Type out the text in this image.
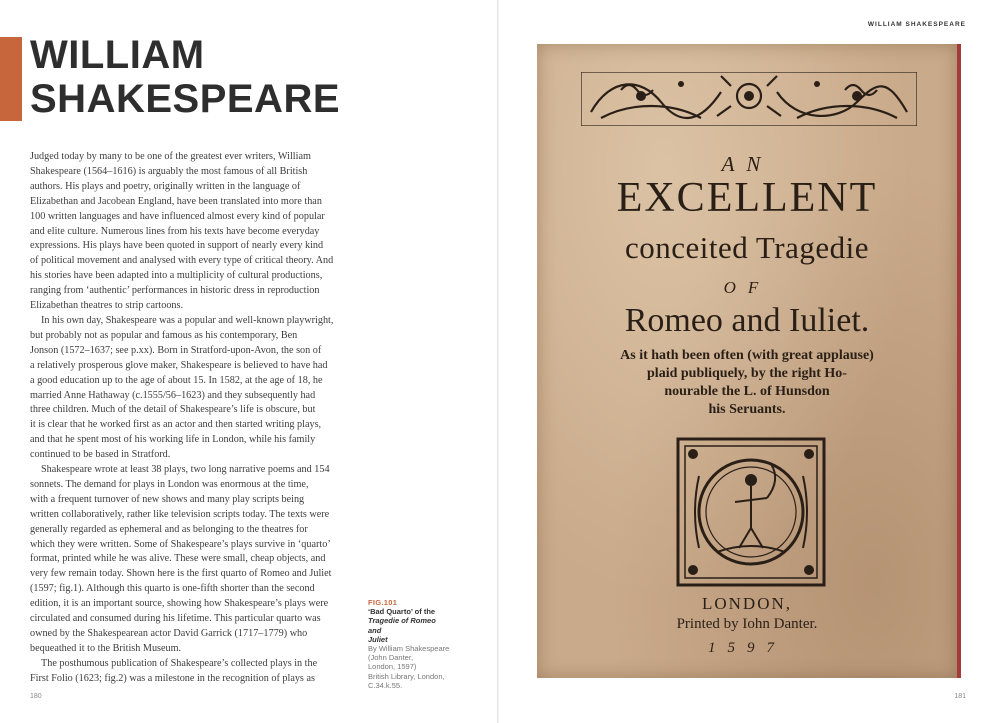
WILLIAM
SHAKESPEARE
Judged today by many to be one of the greatest ever writers, William
Shakespeare (1564–1616) is arguably the most famous of all British
authors. His plays and poetry, originally written in the language of
Elizabethan and Jacobean England, have been translated into more than
100 written languages and have influenced almost every kind of popular
and elite culture. Numerous lines from his texts have become everyday
expressions. His plays have been quoted in support of nearly every kind
of political movement and analysed with every type of critical theory. And
his stories have been adapted into a multiplicity of cultural productions,
ranging from ‘authentic’ performances in historic dress in reproduction
Elizabethan theatres to strip cartoons.
In his own day, Shakespeare was a popular and well-known playwright,
but probably not as popular and famous as his contemporary, Ben
Jonson (1572–1637; see p.xx). Born in Stratford-upon-Avon, the son of
a relatively prosperous glove maker, Shakespeare is believed to have had
a good education up to the age of about 15. In 1582, at the age of 18, he
married Anne Hathaway (c.1555/56–1623) and they subsequently had
three children. Much of the detail of Shakespeare’s life is obscure, but
it is clear that he worked first as an actor and then started writing plays,
and that he spent most of his working life in London, while his family
continued to be based in Stratford.
Shakespeare wrote at least 38 plays, two long narrative poems and 154
sonnets. The demand for plays in London was enormous at the time,
with a frequent turnover of new shows and many play scripts being
written collaboratively, rather like television scripts today. The texts were
generally regarded as ephemeral and as belonging to the theatres for
which they were written. Some of Shakespeare’s plays survive in ‘quarto’
format, printed while he was alive. These were small, cheap objects, and
very few remain today. Shown here is the first quarto of Romeo and Juliet
(1597; fig.1). Although this quarto is one-fifth shorter than the second
edition, it is an important source, showing how Shakespeare’s plays were
circulated and consumed during his lifetime. This particular quarto was
owned by the Shakespearean actor David Garrick (1717–1779) who
bequeathed it to the British Museum.
The posthumous publication of Shakespeare’s collected plays in the
First Folio (1623; fig.2) was a milestone in the recognition of plays as
FIG.101
‘Bad Quarto’ of the
Tragedie of Romeo and
Juliet
By William Shakespeare
(John Danter,
London, 1597)
British Library, London,
C.34.k.55.
180
WILLIAM SHAKESPEARE
181
AN
EXCELLENT
conceited Tragedie
OF
Romeo and Iuliet.
As it hath been often (with great applause)
plaid publiquely, by the right Ho-
nourable the L. of Hunsdon
his Seruants.
LONDON,
Printed by Iohn Danter.
1597
